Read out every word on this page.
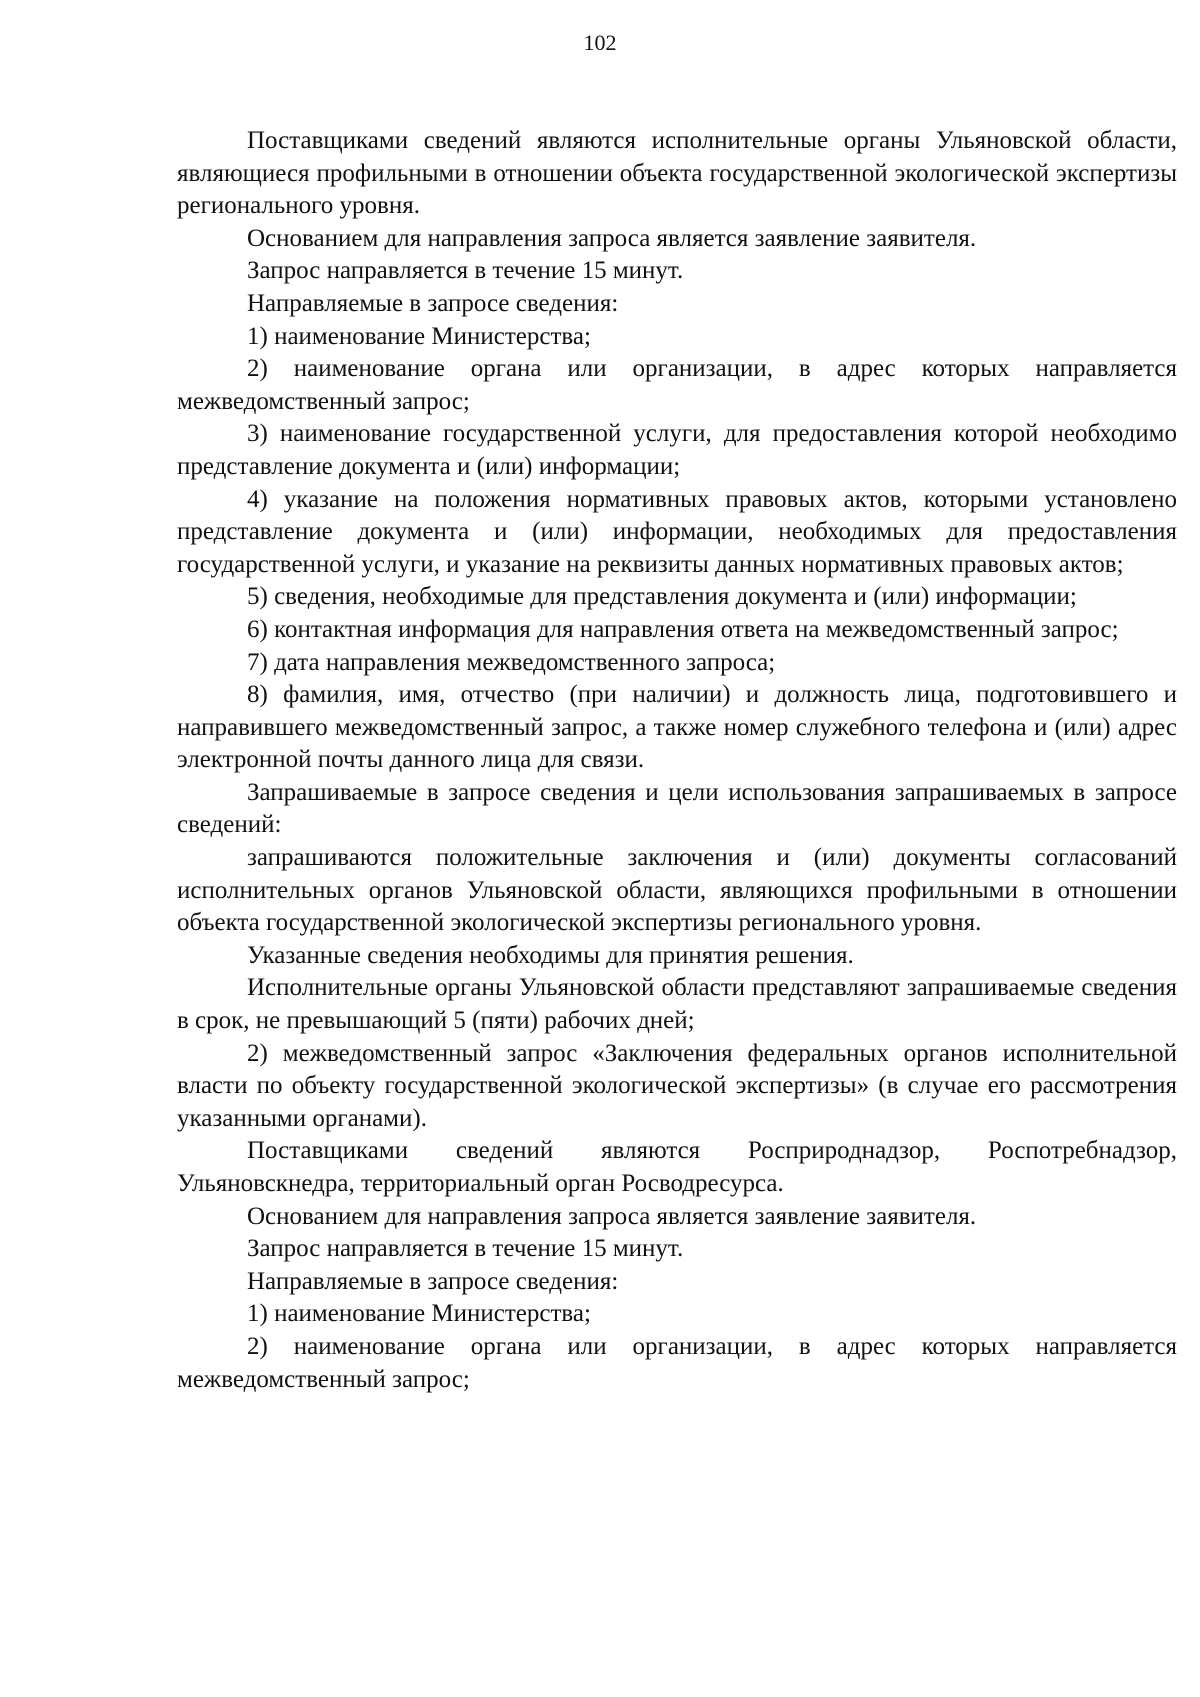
102

Поставщиками сведений являются исполнительные органы Ульяновской области, являющиеся профильными в отношении объекта государственной экологической экспертизы регионального уровня.

Основанием для направления запроса является заявление заявителя.

Запрос направляется в течение 15 минут.

Направляемые в запросе сведения:

1) наименование Министерства;

2) наименование органа или организации, в адрес которых направляется межведомственный запрос;

3) наименование государственной услуги, для предоставления которой необходимо представление документа и (или) информации;

4) указание на положения нормативных правовых актов, которыми установлено представление документа и (или) информации, необходимых для предоставления государственной услуги, и указание на реквизиты данных нормативных правовых актов;

5) сведения, необходимые для представления документа и (или) информации;

6) контактная информация для направления ответа на межведомственный запрос;

7) дата направления межведомственного запроса;

8) фамилия, имя, отчество (при наличии) и должность лица, подготовившего и направившего межведомственный запрос, а также номер служебного телефона и (или) адрес электронной почты данного лица для связи.

Запрашиваемые в запросе сведения и цели использования запрашиваемых в запросе сведений:

запрашиваются положительные заключения и (или) документы согласований исполнительных органов Ульяновской области, являющихся профильными в отношении объекта государственной экологической экспертизы регионального уровня.

Указанные сведения необходимы для принятия решения.

Исполнительные органы Ульяновской области представляют запрашиваемые сведения в срок, не превышающий 5 (пяти) рабочих дней;

2) межведомственный запрос «Заключения федеральных органов исполнительной власти по объекту государственной экологической экспертизы» (в случае его рассмотрения указанными органами).

Поставщиками сведений являются Росприроднадзор, Роспотребнадзор, Ульяновскнедра, территориальный орган Росводресурса.

Основанием для направления запроса является заявление заявителя.

Запрос направляется в течение 15 минут.

Направляемые в запросе сведения:

1) наименование Министерства;

2) наименование органа или организации, в адрес которых направляется межведомственный запрос;
